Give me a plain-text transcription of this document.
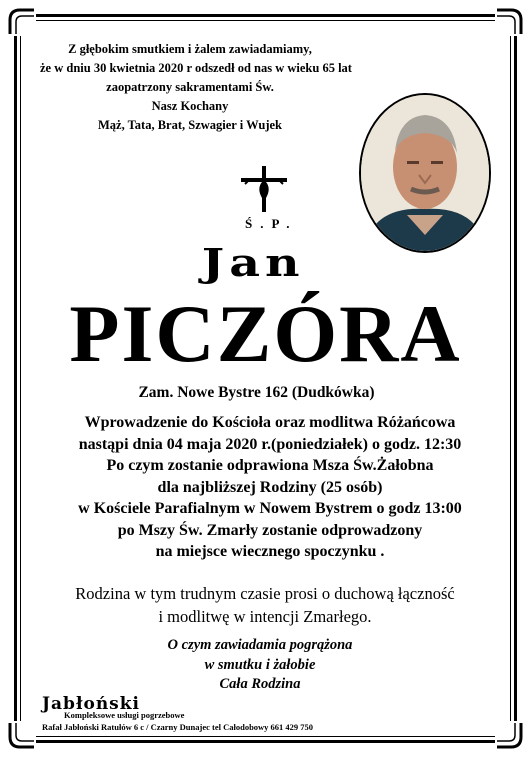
Z głębokim smutkiem i żalem zawiadamiamy,
że w dniu 30 kwietnia 2020 r odszedł od nas w wieku 65 lat
zaopatrzony sakramentami Św.
Nasz Kochany
Mąż, Tata, Brat, Szwagier i Wujek
Ś.P.
Jan
PICZÓRA
Zam. Nowe Bystre 162 (Dudkówka)
Wprowadzenie do Kościoła oraz modlitwa Różańcowa
nastąpi dnia 04 maja 2020 r.(poniedziałek) o godz. 12:30
Po czym zostanie odprawiona Msza Św.Żałobna
dla najbliższej Rodziny (25 osób)
w Kościele Parafialnym w Nowem Bystrem o godz 13:00
po Mszy Św. Zmarły zostanie odprowadzony
na miejsce wiecznego spoczynku .
Rodzina w tym trudnym czasie prosi o duchową łączność
i modlitwę w intencji Zmarłego.
O czym zawiadamia pogrążona
w smutku i żałobie
Cała Rodzina
Jabłoński
Kompleksowe usługi pogrzebowe
Rafał Jabłoński Ratułów 6 c / Czarny Dunajec tel Całodobowy 661 429 750
